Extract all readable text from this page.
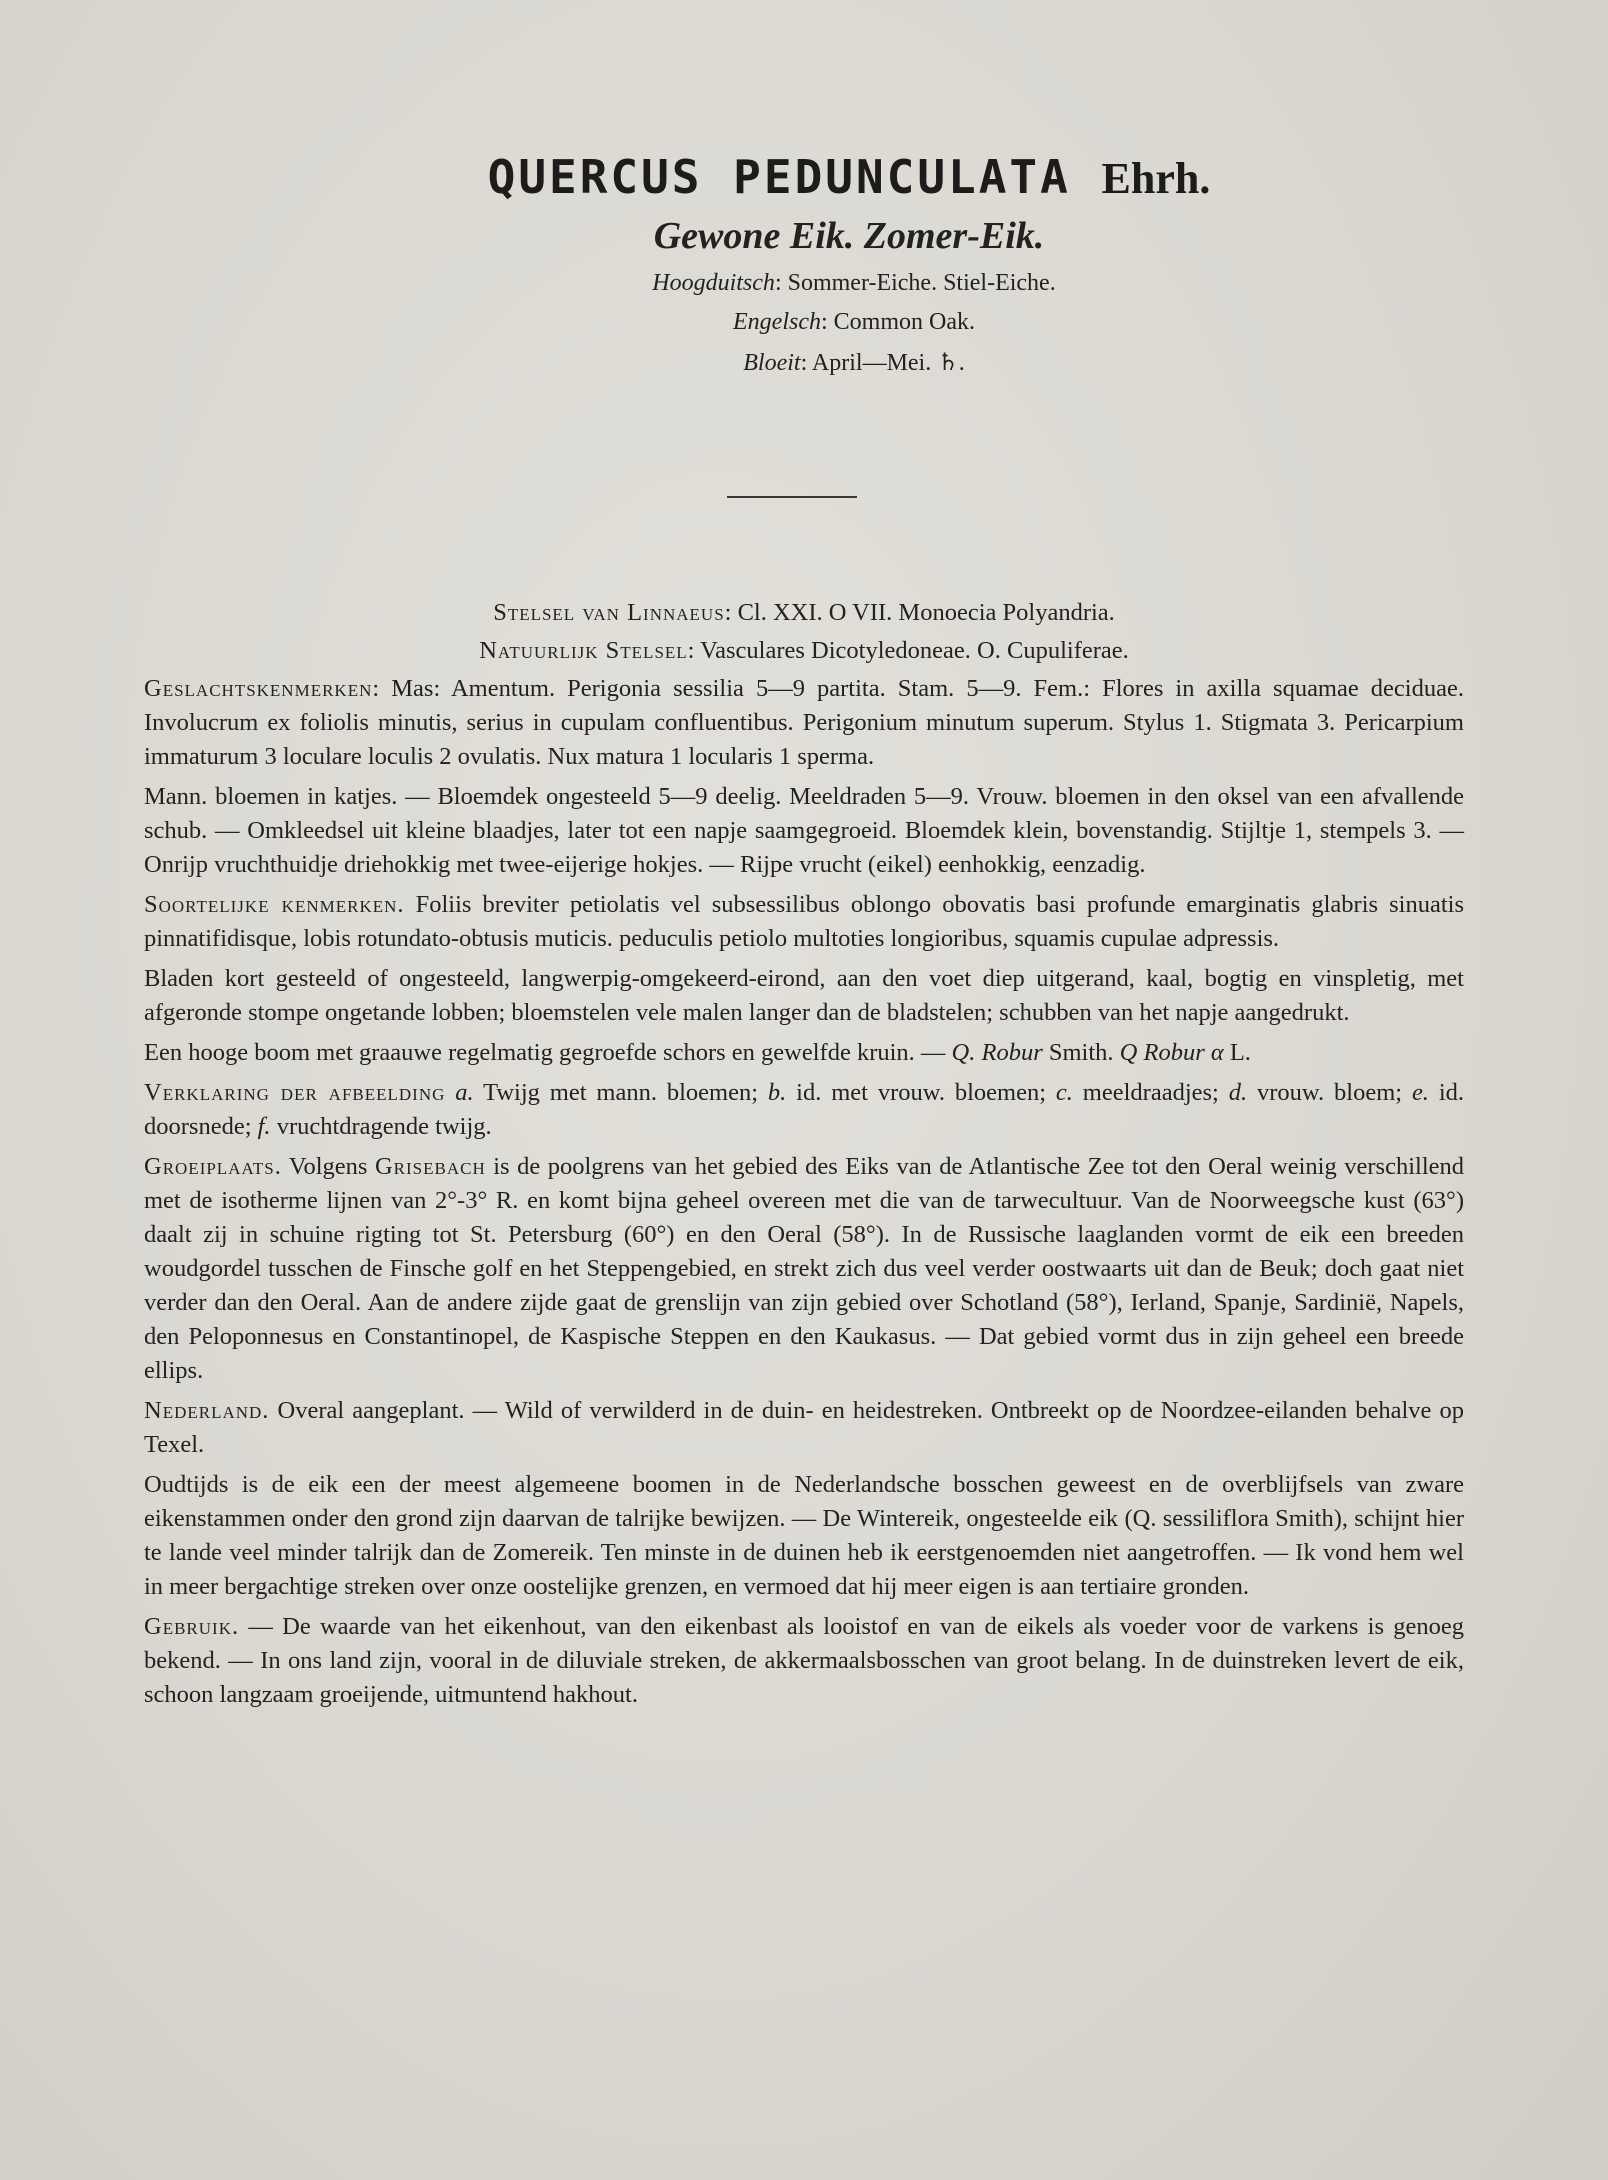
QUERCUS PEDUNCULATA Ehrh.
Gewone Eik. Zomer-Eik.
Hoogduitsch: Sommer-Eiche. Stiel-Eiche.
Engelsch: Common Oak.
Bloeit: April—Mei. ♄.

Stelsel van Linnaeus: Cl. XXI. O VII. Monoecia Polyandria.

Natuurlijk Stelsel: Vasculares Dicotyledoneae. O. Cupuliferae.

Geslachtskenmerken: Mas: Amentum. Perigonia sessilia 5—9 partita. Stam. 5—9. Fem.: Flores in axilla squamae deciduae. Involucrum ex foliolis minutis, serius in cupulam confluentibus. Perigonium minutum superum. Stylus 1. Stigmata 3. Pericarpium immaturum 3 loculare loculis 2 ovulatis. Nux matura 1 locularis 1 sperma.

Mann. bloemen in katjes. — Bloemdek ongesteeld 5—9 deelig. Meeldraden 5—9. Vrouw. bloemen in den oksel van een afvallende schub. — Omkleedsel uit kleine blaadjes, later tot een napje saamgegroeid. Bloemdek klein, bovenstandig. Stijltje 1, stempels 3. — Onrijp vruchthuidje driehokkig met twee-eijerige hokjes. — Rijpe vrucht (eikel) eenhokkig, eenzadig.

Soortelijke kenmerken. Foliis breviter petiolatis vel subsessilibus oblongo obovatis basi profunde emarginatis glabris sinuatis pinnatifidisque, lobis rotundato-obtusis muticis. peduculis petiolo multoties longioribus, squamis cupulae adpressis.

Bladen kort gesteeld of ongesteeld, langwerpig-omgekeerd-eirond, aan den voet diep uitgerand, kaal, bogtig en vinspletig, met afgeronde stompe ongetande lobben; bloemstelen vele malen langer dan de bladstelen; schubben van het napje aangedrukt.

Een hooge boom met graauwe regelmatig gegroefde schors en gewelfde kruin. — Q. Robur Smith. Q Robur α L.

Verklaring der afbeelding a. Twijg met mann. bloemen; b. id. met vrouw. bloemen; c. meeldraadjes; d. vrouw. bloem; e. id. doorsnede; f. vruchtdragende twijg.

Groeiplaats. Volgens Grisebach is de poolgrens van het gebied des Eiks van de Atlantische Zee tot den Oeral weinig verschillend met de isotherme lijnen van 2°-3° R. en komt bijna geheel overeen met die van de tarwecultuur. Van de Noorweegsche kust (63°) daalt zij in schuine rigting tot St. Petersburg (60°) en den Oeral (58°). In de Russische laaglanden vormt de eik een breeden woudgordel tusschen de Finsche golf en het Steppengebied, en strekt zich dus veel verder oostwaarts uit dan de Beuk; doch gaat niet verder dan den Oeral. Aan de andere zijde gaat de grenslijn van zijn gebied over Schotland (58°), Ierland, Spanje, Sardinië, Napels, den Peloponnesus en Constantinopel, de Kaspische Steppen en den Kaukasus. — Dat gebied vormt dus in zijn geheel een breede ellips.

Nederland. Overal aangeplant. — Wild of verwilderd in de duin- en heidestreken. Ontbreekt op de Noordzee-eilanden behalve op Texel.

Oudtijds is de eik een der meest algemeene boomen in de Nederlandsche bosschen geweest en de overblijfsels van zware eikenstammen onder den grond zijn daarvan de talrijke bewijzen. — De Wintereik, ongesteelde eik (Q. sessiliflora Smith), schijnt hier te lande veel minder talrijk dan de Zomereik. Ten minste in de duinen heb ik eerstgenoemden niet aangetroffen. — Ik vond hem wel in meer bergachtige streken over onze oostelijke grenzen, en vermoed dat hij meer eigen is aan tertiaire gronden.

Gebruik. — De waarde van het eikenhout, van den eikenbast als looistof en van de eikels als voeder voor de varkens is genoeg bekend. — In ons land zijn, vooral in de diluviale streken, de akkermaalsbosschen van groot belang. In de duinstreken levert de eik, schoon langzaam groeijende, uitmuntend hakhout.
